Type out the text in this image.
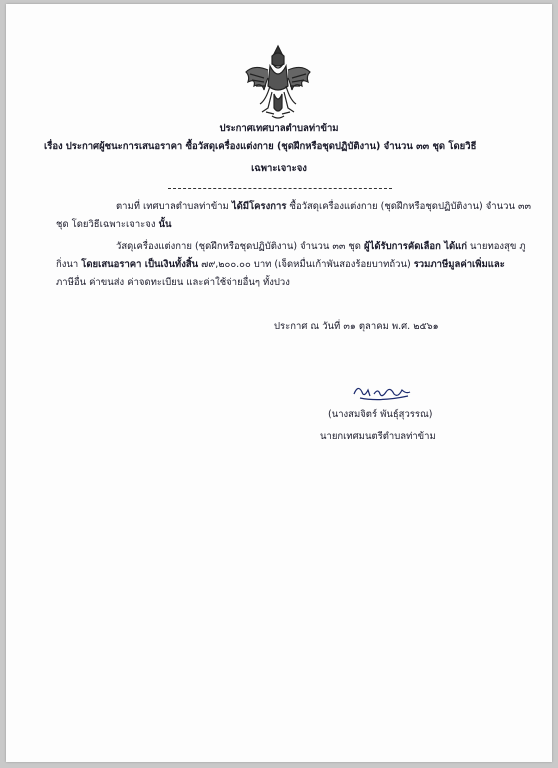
ประกาศเทศบาลตำบลท่าข้าม
เรื่อง ประกาศผู้ชนะการเสนอราคา ซื้อวัสดุเครื่องแต่งกาย (ชุดฝึกหรือชุดปฏิบัติงาน) จำนวน ๓๓ ชุด โดยวิธี
เฉพาะเจาะจง
ตามที่ เทศบาลตำบลท่าข้าม ได้มีโครงการ ซื้อวัสดุเครื่องแต่งกาย (ชุดฝึกหรือชุดปฏิบัติงาน) จำนวน ๓๓
ชุด โดยวิธีเฉพาะเจาะจง นั้น
วัสดุเครื่องแต่งกาย (ชุดฝึกหรือชุดปฏิบัติงาน) จำนวน ๓๓ ชุด ผู้ได้รับการคัดเลือก ได้แก่ นายทองสุข ภู
กิ่งนา โดยเสนอราคา เป็นเงินทั้งสิ้น ๗๙,๒๐๐.๐๐ บาท (เจ็ดหมื่นเก้าพันสองร้อยบาทถ้วน) รวมภาษีมูลค่าเพิ่มและ
ภาษีอื่น ค่าขนส่ง ค่าจดทะเบียน และค่าใช้จ่ายอื่นๆ ทั้งปวง
ประกาศ ณ วันที่ ๓๑ ตุลาคม พ.ศ. ๒๕๖๑
(นางสมจิตร์ พันธุ์สุวรรณ)
นายกเทศมนตรีตำบลท่าข้าม
